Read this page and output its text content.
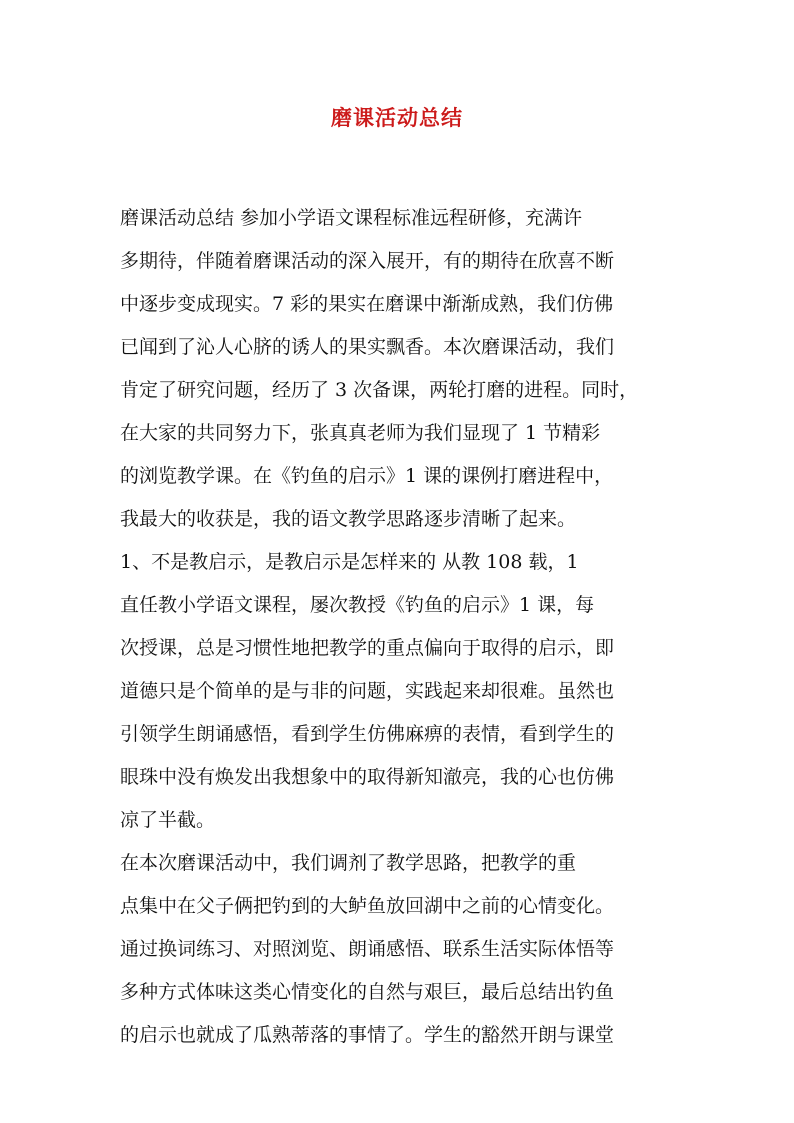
磨课活动总结
磨课活动总结 参加小学语文课程标准远程研修，充满许
多期待，伴随着磨课活动的深入展开，有的期待在欣喜不断
中逐步变成现实。7 彩的果实在磨课中渐渐成熟，我们仿佛
已闻到了沁人心脐的诱人的果实飘香。本次磨课活动，我们
肯定了研究问题，经历了 3 次备课，两轮打磨的进程。同时，
在大家的共同努力下，张真真老师为我们显现了 1 节精彩
的浏览教学课。在《钓鱼的启示》1 课的课例打磨进程中，
我最大的收获是，我的语文教学思路逐步清晰了起来。
1、不是教启示，是教启示是怎样来的 从教 108 载，1
直任教小学语文课程，屡次教授《钓鱼的启示》1 课，每
次授课，总是习惯性地把教学的重点偏向于取得的启示，即
道德只是个简单的是与非的问题，实践起来却很难。虽然也
引领学生朗诵感悟，看到学生仿佛麻痹的表情，看到学生的
眼珠中没有焕发出我想象中的取得新知澈亮，我的心也仿佛
凉了半截。
在本次磨课活动中，我们调剂了教学思路，把教学的重
点集中在父子俩把钓到的大鲈鱼放回湖中之前的心情变化。
通过换词练习、对照浏览、朗诵感悟、联系生活实际体悟等
多种方式体味这类心情变化的自然与艰巨，最后总结出钓鱼
的启示也就成了瓜熟蒂落的事情了。学生的豁然开朗与课堂
